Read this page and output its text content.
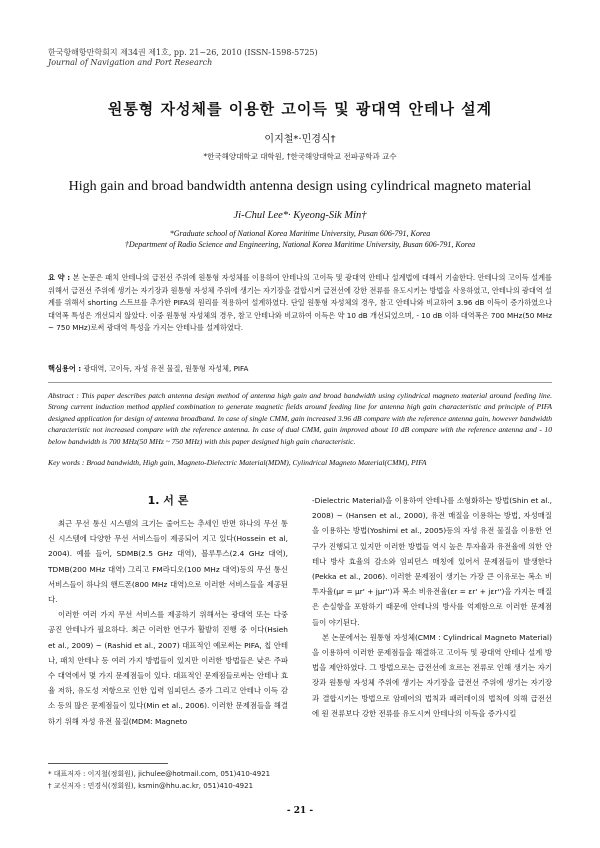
한국항해항만학회지 제34권 제1호, pp. 21~26, 2010 (ISSN-1598-5725)
Journal of Navigation and Port Research
원통형 자성체를 이용한 고이득 및 광대역 안테나 설계
이지철*·민경식†
*한국해양대학교 대학원, †한국해양대학교 전파공학과 교수
High gain and broad bandwidth antenna design using cylindrical magneto material
Ji-Chul Lee*· Kyeong-Sik Min†
*Graduate school of National Korea Maritime University, Pusan 606-791, Korea
†Department of Radio Science and Engineering, National Korea Maritime University, Busan 606-791, Korea
요 약 : 본 논문은 패치 안테나의 급전선 주위에 원통형 자성체를 이용하여 안테나의 고이득 및 광대역 안테나 설계법에 대해서 기술한다. 안테나의 고이득 설계를 위해서 급전선 주위에 생기는 자기장과 원통형 자성체 주위에 생기는 자기장을 결합시켜 급전선에 강한 전류를 유도시키는 방법을 사용하였고, 안테나의 광대역 설계를 위해서 shorting 스트브를 추가한 PIFA의 원리를 적용하여 설계하였다. 단일 원통형 자성체의 경우, 참고 안테나와 비교하여 3.96 dB 이득이 증가하였으나 대역폭 특성은 개선되지 않았다. 이중 원통형 자성체의 경우, 참고 안테나와 비교하여 이득은 약 10 dB 개선되었으며, - 10 dB 이하 대역폭은 700 MHz(50 MHz ~ 750 MHz)로써 광대역 특성을 가지는 안테나를 설계하였다.
핵심용어 : 광대역, 고이득, 자성 유전 물질, 원통형 자성체, PIFA
Abstract : This paper describes patch antenna design method of antenna high gain and broad bandwidth using cylindrical magneto material around feeding line. Strong current induction method applied combination to generate magnetic fields around feeding line for antenna high gain characteristic and principle of PIFA designed application for design of antenna broadband. In case of single CMM, gain increased 3.96 dB compare with the reference antenna gain, however bandwidth characteristic not increased compare with the reference antenna. In case of dual CMM, gain improved about 10 dB compare with the reference antenna and - 10 below bandwidth is 700 MHz(50 MHz ~ 750 MHz) with this paper designed high gain characteristic.
Key words : Broad bandwidth, High gain, Magneto-Dielectric Material(MDM), Cylindrical Magneto Material(CMM), PIFA
1. 서 론

최근 무선 통신 시스템의 크기는 줄어드는 추세인 반면 하나의 무선 통신 시스템에 다양한 무선 서비스들이 제공되어 지고 있다(Hossein et al, 2004). 예를 들어, SDMB(2.5 GHz 대역), 블루투스(2.4 GHz 대역), TDMB(200 MHz 대역) 그리고 FM라디오(100 MHz 대역)등의 무선 통신 서비스들이 하나의 핸드폰(800 MHz 대역)으로 이러한 서비스들을 제공된다.

이러한 여러 가지 무선 서비스를 제공하기 위해서는 광대역 또는 다중 공진 안테나가 필요하다. 최근 이러한 연구가 활발히 진행 중 이다(Hsieh et al., 2009) ~ (Rashid et al., 2007) 대표적인 예로써는 PIFA, 칩 안테나, 패치 안테나 등 여러 가지 방법들이 있지만 이러한 방법들은 낮은 주파수 대역에서 몇 가지 문제점들이 있다. 대표적인 문제점들로써는 안테나 효율 저하, 유도성 저항으로 인한 입력 임피던스 증가 그리고 안테나 이득 감소 등의 많은 문제점들이 있다(Min et al., 2006). 이러한 문제점들을 해결하기 위해 자성 유전 물질(MDM: Magneto

-Dielectric Material)을 이용하여 안테나를 소형화하는 방법(Shin et al., 2008) ~ (Hansen et al., 2000), 유전 매질을 이용하는 방법, 자성매질을 이용하는 방법(Yoshimi et al., 2005)등의 자성 유전 물질을 이용한 연구가 진행되고 있지만 이러한 방법들 역시 높은 투자율과 유전율에 의한 안테나 방사 효율의 감소와 임피던스 매칭에 있어서 문제점들이 발생한다(Pekka et al., 2006). 이러한 문제점이 생기는 가장 큰 이유로는 복소 비투자율(μr = μr' + jμr'')과 복소 비유전율(εr = εr' + jεr'')을 가지는 매질은 손실항을 포함하기 때문에 안테나의 방사를 억제함으로 이러한 문제점들이 야기된다.

본 논문에서는 원통형 자성체(CMM : Cylindrical Magneto Material)을 이용하여 이러한 문제점들을 해결하고 고이득 및 광대역 안테나 설계 방법을 제안하였다. 그 방법으로는 급전선에 흐르는 전류로 인해 생기는 자기장과 원통형 자성체 주위에 생기는 자기장을 급전선 주위에 생기는 자기장과 결합시키는 방법으로 암페어의 법칙과 패러데이의 법칙에 의해 급전선에 원 전류보다 강한 전류를 유도시켜 안테나의 이득을 증가시킬

* 대표저자 : 이지철(정회원), jichulee@hotmail.com, 051)410-4921
† 교신저자 : 민경식(정회원), ksmin@hhu.ac.kr, 051)410-4921
- 21 -
